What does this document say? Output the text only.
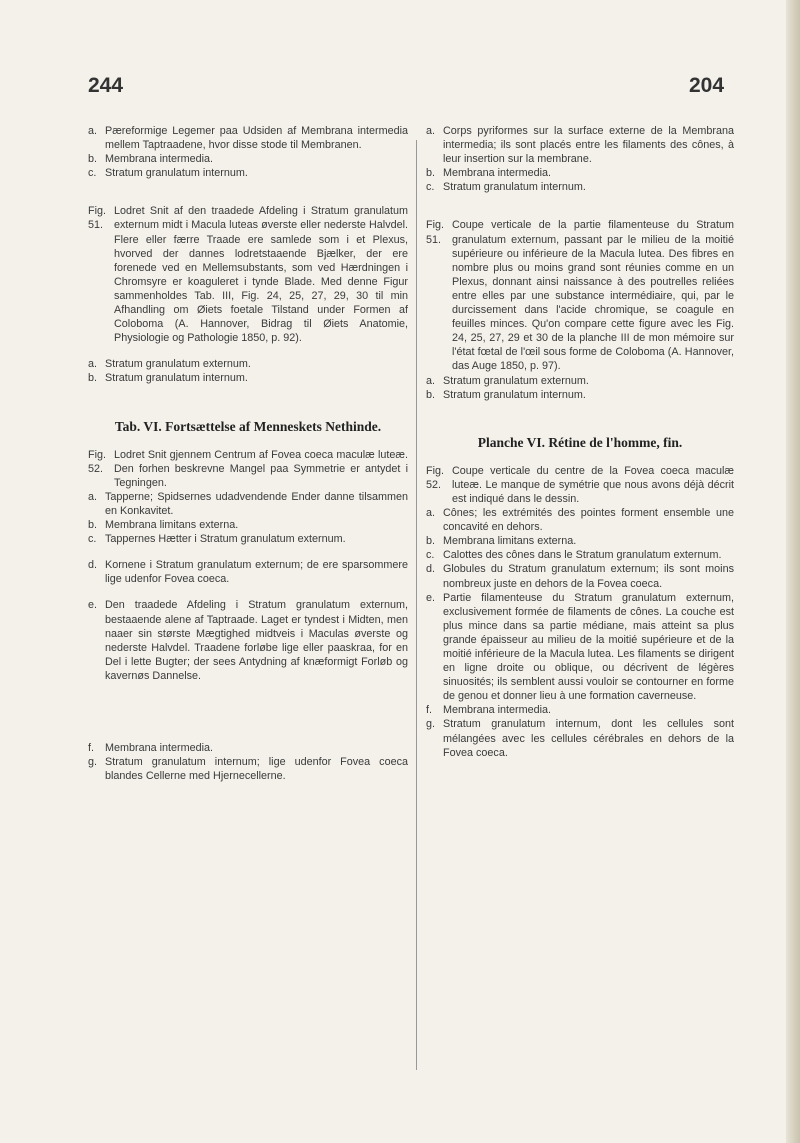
244	204

a. Pæreformige Legemer paa Udsiden af Membrana intermedia mellem Taptraadene, hvor disse stode til Membranen.

b. Membrana intermedia.

c. Stratum granulatum internum.

Fig. 51.
Lodret Snit af den traadede Afdeling i Stratum granulatum externum midt i Macula luteas øverste eller nederste Halvdel. Flere eller færre Traade ere samlede som i et Plexus, hvorved der dannes lodretstaaende Bjælker, der ere forenede ved en Mellemsubstants, som ved Hærdningen i Chromsyre er koaguleret i tynde Blade. Med denne Figur sammenholdes Tab. III, Fig. 24, 25, 27, 29, 30 til min Afhandling om Øiets foetale Tilstand under Formen af Coloboma (A. Hannover, Bidrag til Øiets Anatomie, Physiologie og Pathologie 1850, p. 92).

a. Stratum granulatum externum.

b. Stratum granulatum internum.

Tab. VI. Fortsættelse af Menneskets Nethinde.

Fig. 52.
Lodret Snit gjennem Centrum af Fovea coeca maculæ luteæ. Den forhen beskrevne Mangel paa Symmetrie er antydet i Tegningen.

a. Tapperne; Spidsernes udadvendende Ender danne tilsammen en Konkavitet.

b. Membrana limitans externa.

c. Tappernes Hætter i Stratum granulatum externum.

d. Kornene i Stratum granulatum externum; de ere sparsommere lige udenfor Fovea coeca.

e. Den traadede Afdeling i Stratum granulatum externum, bestaaende alene af Taptraade. Laget er tyndest i Midten, men naaer sin største Mægtighed midtveis i Maculas øverste og nederste Halvdel. Traadene forløbe lige eller paaskraa, for en Del i lette Bugter; der sees Antydning af knæformigt Forløb og kavernøs Dannelse.

f.	Membrana intermedia.

g. Stratum granulatum internum; lige udenfor Fovea coeca blandes Cellerne med Hjernecellerne.

a. Corps pyriformes sur la surface externe de la Membrana intermedia; ils sont placés entre les filaments des cônes, à leur insertion sur la membrane.

b. Membrana intermedia.

c. Stratum granulatum internum.

Fig. 51.
Coupe verticale de la partie filamenteuse du Stratum granulatum externum, passant par le milieu de la moitié supérieure ou inférieure de la Macula lutea. Des fibres en nombre plus ou moins grand sont réunies comme en un Plexus, donnant ainsi naissance à des poutrelles reliées entre elles par une substance intermédiaire, qui, par le durcissement dans l'acide chromique, se coagule en feuilles minces. Qu'on compare cette figure avec les Fig. 24, 25, 27, 29 et 30 de la planche III de mon mémoire sur l'état fœtal de l'œil sous forme de Coloboma (A. Hannover, das Auge 1850, p. 97).

a. Stratum granulatum externum.

b. Stratum granulatum internum.

Planche VI. Rétine de l'homme, fin.

Fig. 52.
Coupe verticale du centre de la Fovea coeca maculæ luteæ. Le manque de symétrie que nous avons déjà décrit est indiqué dans le dessin.

a. Cônes; les extrémités des pointes forment ensemble une concavité en dehors.

b. Membrana limitans externa.

c. Calottes des cônes dans le Stratum granulatum externum.

d. Globules du Stratum granulatum externum; ils sont moins nombreux juste en dehors de la Fovea coeca.

e. Partie filamenteuse du Stratum granulatum externum, exclusivement formée de filaments de cônes. La couche est plus mince dans sa partie médiane, mais atteint sa plus grande épaisseur au milieu de la moitié supérieure et de la moitié inférieure de la Macula lutea. Les filaments se dirigent en ligne droite ou oblique, ou décrivent de légères sinuosités; ils semblent aussi vouloir se contourner en forme de genou et donner lieu à une formation caverneuse.

f.	Membrana intermedia.

g. Stratum granulatum internum, dont les cellules sont mélangées avec les cellules cérébrales en dehors de la Fovea coeca.
